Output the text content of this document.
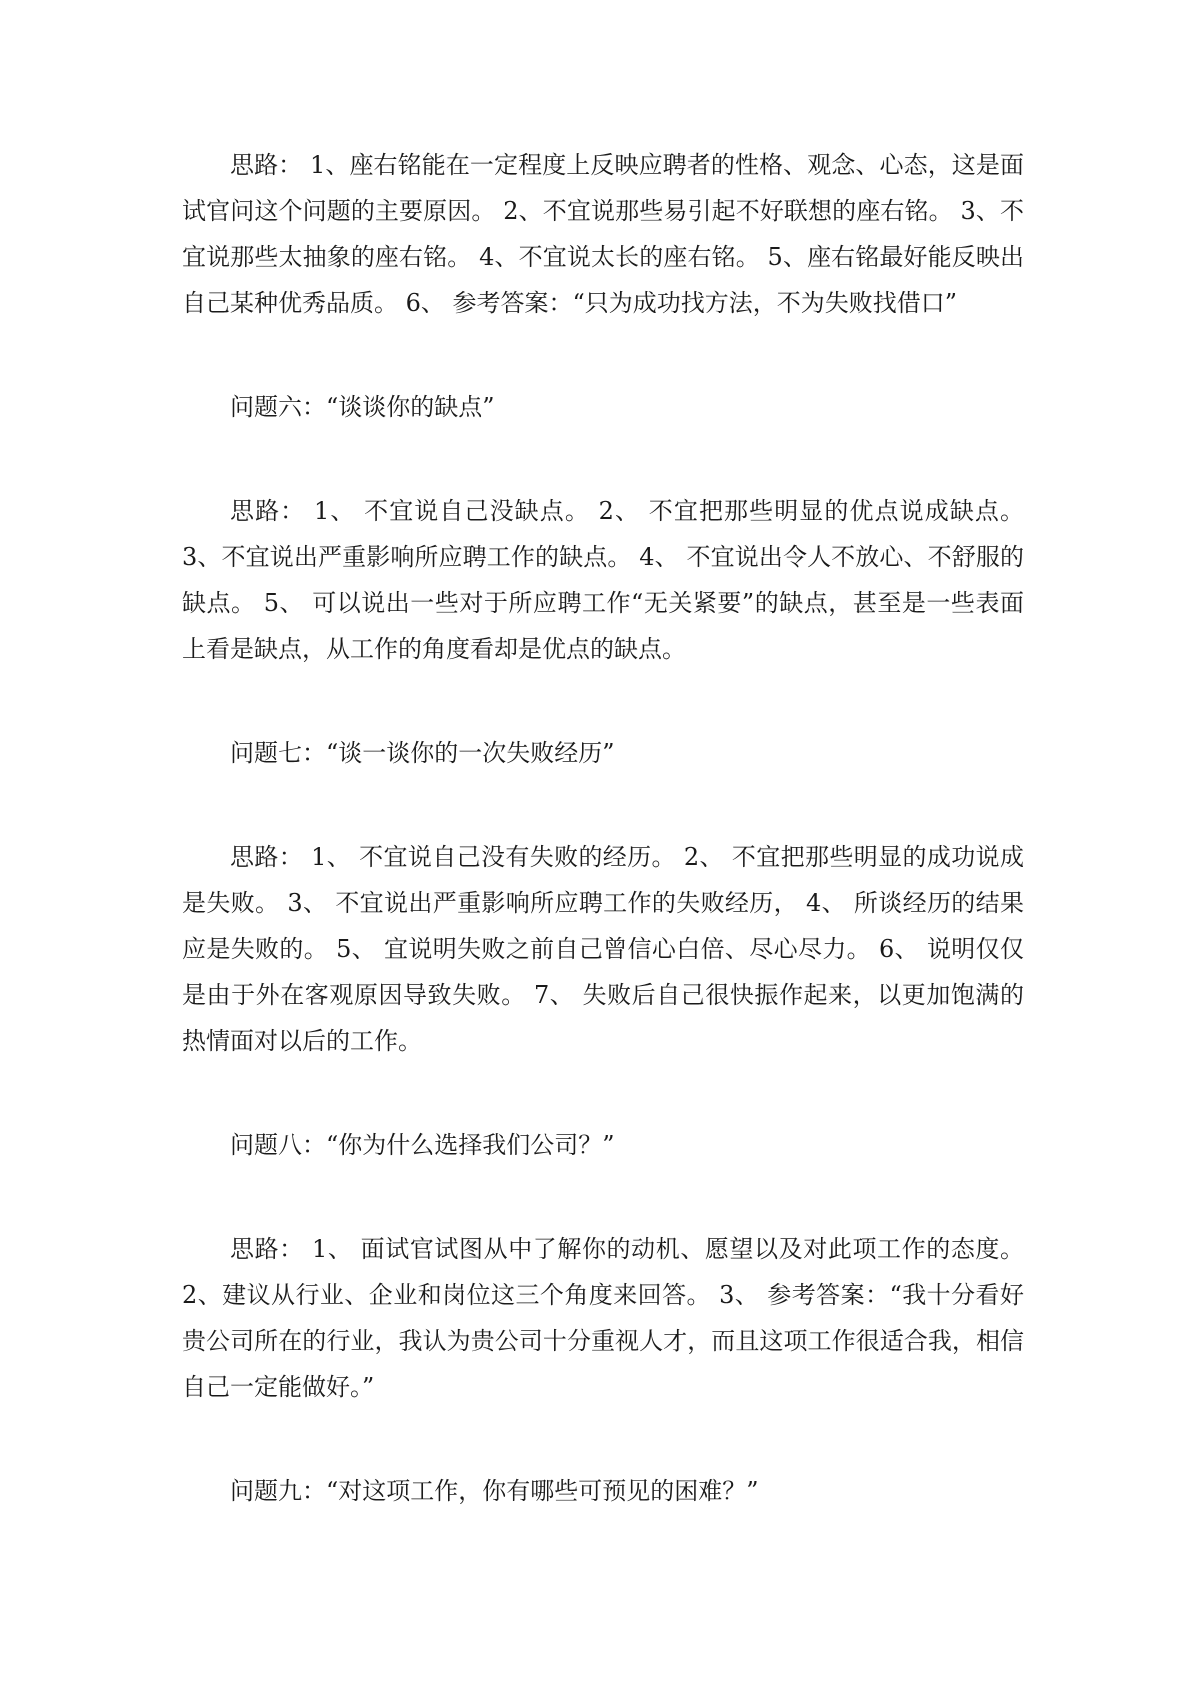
思路： 1、座右铭能在一定程度上反映应聘者的性格、观念、心态，这是面试官问这个问题的主要原因。 2、不宜说那些易引起不好联想的座右铭。 3、不宜说那些太抽象的座右铭。 4、不宜说太长的座右铭。 5、座右铭最好能反映出自己某种优秀品质。 6、 参考答案：“只为成功找方法，不为失败找借口”

问题六：“谈谈你的缺点”

思路： 1、 不宜说自己没缺点。 2、 不宜把那些明显的优点说成缺点。 3、不宜说出严重影响所应聘工作的缺点。 4、 不宜说出令人不放心、不舒服的缺点。 5、 可以说出一些对于所应聘工作“无关紧要”的缺点，甚至是一些表面上看是缺点，从工作的角度看却是优点的缺点。

问题七：“谈一谈你的一次失败经历”

思路： 1、 不宜说自己没有失败的经历。 2、 不宜把那些明显的成功说成是失败。 3、 不宜说出严重影响所应聘工作的失败经历， 4、 所谈经历的结果应是失败的。 5、 宜说明失败之前自己曾信心白倍、尽心尽力。 6、 说明仅仅是由于外在客观原因导致失败。 7、 失败后自己很快振作起来，以更加饱满的热情面对以后的工作。

问题八：“你为什么选择我们公司？”

思路： 1、 面试官试图从中了解你的动机、愿望以及对此项工作的态度。 2、建议从行业、企业和岗位这三个角度来回答。 3、 参考答案：“我十分看好贵公司所在的行业，我认为贵公司十分重视人才，而且这项工作很适合我，相信自己一定能做好。”

问题九：“对这项工作，你有哪些可预见的困难？”
